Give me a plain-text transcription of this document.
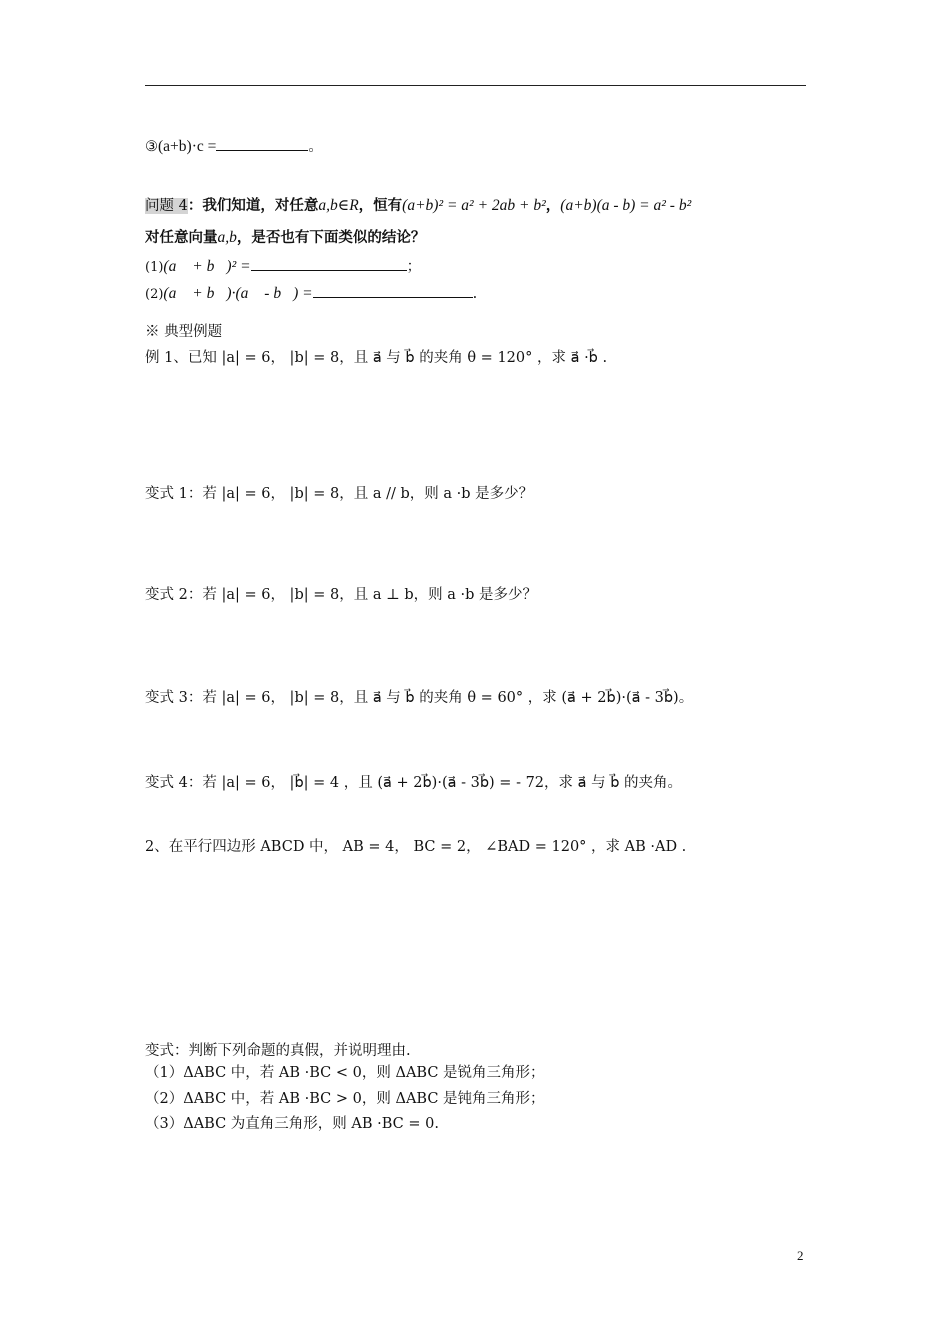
③(a+b)·c =	。
问题 4：我们知道，对任意a,b∈R，恒有(a+b)² = a² + 2ab + b²，(a+b)(a - b) = a² - b²
对任意向量a,b，是否也有下面类似的结论？
(1)(a⃗ + b⃗)² =	；
(2)(a⃗ + b⃗)·(a⃗ - b⃗) =	.
※ 典型例题
例 1、已知 |a| = 6， |b| = 8，且 a⃗ 与 b⃗ 的夹角 θ = 120° ，求 a⃗ ·b⃗ .
变式 1：若 |a| = 6， |b| = 8，且 a // b，则 a ·b 是多少？
变式 2：若 |a| = 6， |b| = 8，且 a ⊥ b，则 a ·b 是多少？
变式 3：若 |a| = 6， |b| = 8，且 a⃗ 与 b⃗ 的夹角 θ = 60° ，求 (a⃗ + 2b⃗)·(a⃗ - 3b⃗)。
变式 4：若 |a| = 6， |b⃗| = 4 ，且 (a⃗ + 2b⃗)·(a⃗ - 3b⃗) = - 72，求 a⃗ 与 b⃗ 的夹角。
2、在平行四边形 ABCD 中， AB = 4， BC = 2， ∠BAD = 120° ，求 AB ·AD .
变式：判断下列命题的真假，并说明理由.
（1）ΔABC 中，若 AB ·BC < 0，则 ΔABC 是锐角三角形；
（2）ΔABC 中，若 AB ·BC > 0，则 ΔABC 是钝角三角形；
（3）ΔABC 为直角三角形，则 AB ·BC = 0.
2
